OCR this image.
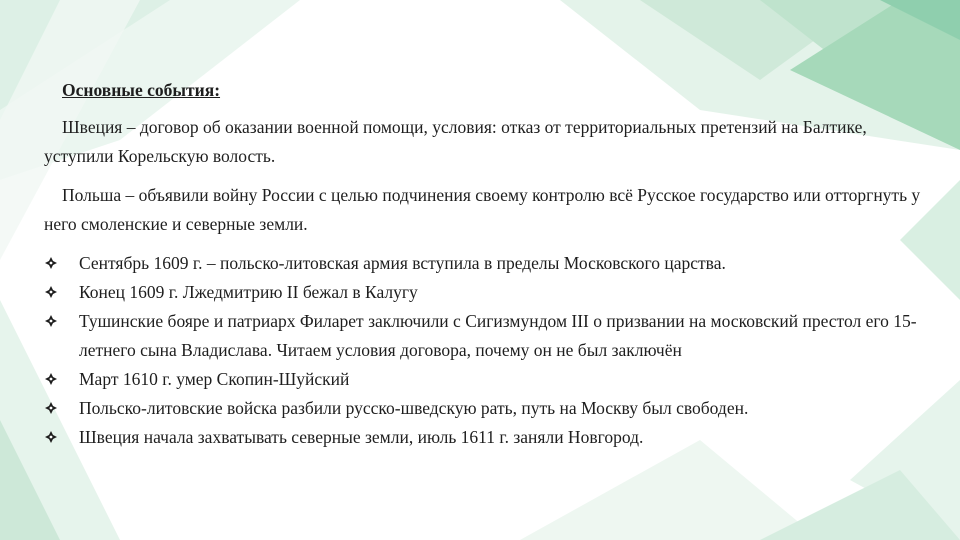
Основные события:

Швеция – договор об оказании военной помощи, условия: отказ от территориальных претензий на Балтике, уступили Корельскую волость.

Польша – объявили войну России с целью подчинения своему контролю всё Русское государство или отторгнуть у него смоленские и северные земли.

Сентябрь 1609 г. – польско-литовская армия вступила в пределы Московского царства.
Конец 1609 г. Лжедмитрию II бежал в Калугу
Тушинские бояре и патриарх Филарет заключили с Сигизмундом III о призвании на московский престол его 15-летнего сына Владислава. Читаем условия договора, почему он не был заключён
Март 1610 г. умер Скопин-Шуйский
Польско-литовские войска разбили русско-шведскую рать, путь на Москву был свободен.
Швеция начала захватывать северные земли, июль 1611 г. заняли Новгород.
